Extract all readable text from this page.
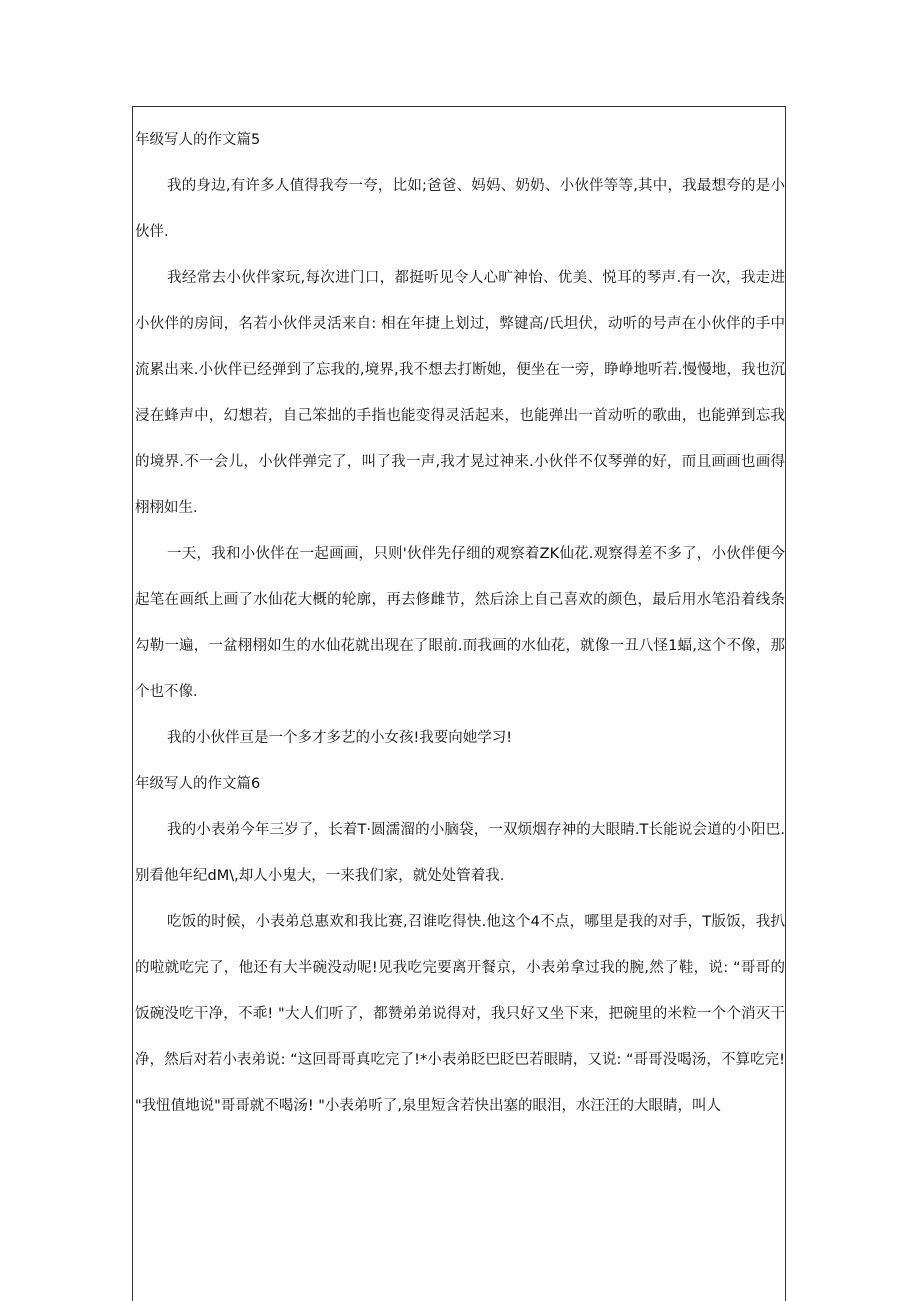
年级写人的作文篇5

我的身边,有许多人值得我夸一夸，比如;爸爸、妈妈、奶奶、小伙伴等等,其中，我最想夸的是小伙伴.

我经常去小伙伴家玩,每次进门口，都挺听见令人心旷神怡、优美、悦耳的琴声.有一次，我走进小伙伴的房间，名若小伙伴灵活来自: 相在年捷上划过，弊键高/氏坦伏，动听的号声在小伙伴的手中流累出来.小伙伴已经弹到了忘我的,境界,我不想去打断她，便坐在一旁，睁峥地听若.慢慢地，我也沉浸在蜂声中，幻想若，自己笨拙的手指也能变得灵活起来，也能弹出一首动听的歌曲，也能弹到忘我的境界.不一会儿，小伙伴弹完了，叫了我一声,我才晃过神来.小伙伴不仅琴弹的好，而且画画也画得栩栩如生.

一天，我和小伙伴在一起画画，只则'伙伴先仔细的观察着ZK仙花.观察得差不多了，小伙伴便今起笔在画纸上画了水仙花大概的轮廓，再去修雌节，然后涂上自己喜欢的颜色，最后用水笔沿着线条勾勒一遍，一盆栩栩如生的水仙花就出现在了眼前.而我画的水仙花，就像一丑八怪1蝠,这个不像，那个也不像.

我的小伙伴亘是一个多才多艺的小女孩!我要向她学习!

年级写人的作文篇6

我的小表弟今年三岁了，长着T·圆濡溜的小脑袋，一双烦烟存神的大眼睛.T长能说会道的小阳巴.别看他年纪dM\,却人小鬼大，一来我们家，就处处管着我.

吃饭的时候，小表弟总惠欢和我比赛,召谁吃得快.他这个4不点，哪里是我的对手，T版饭，我扒的啦就吃完了，他还有大半碗没动呢!见我吃完要离开餐京，小表弟拿过我的腕,然了鞋，说: “哥哥的饭碗没吃干净，不乖! "大人们听了，都赞弟弟说得对，我只好又坐下来，把碗里的米粒一个个消灭干净，然后对若小表弟说: “这回哥哥真吃完了!*小表弟眨巴眨巴若眼睛，又说: “哥哥没喝汤，不算吃完! "我忸值地说"哥哥就不喝汤! "小表弟听了,泉里短含若快出塞的眼泪，水汪汪的大眼睛，叫人
